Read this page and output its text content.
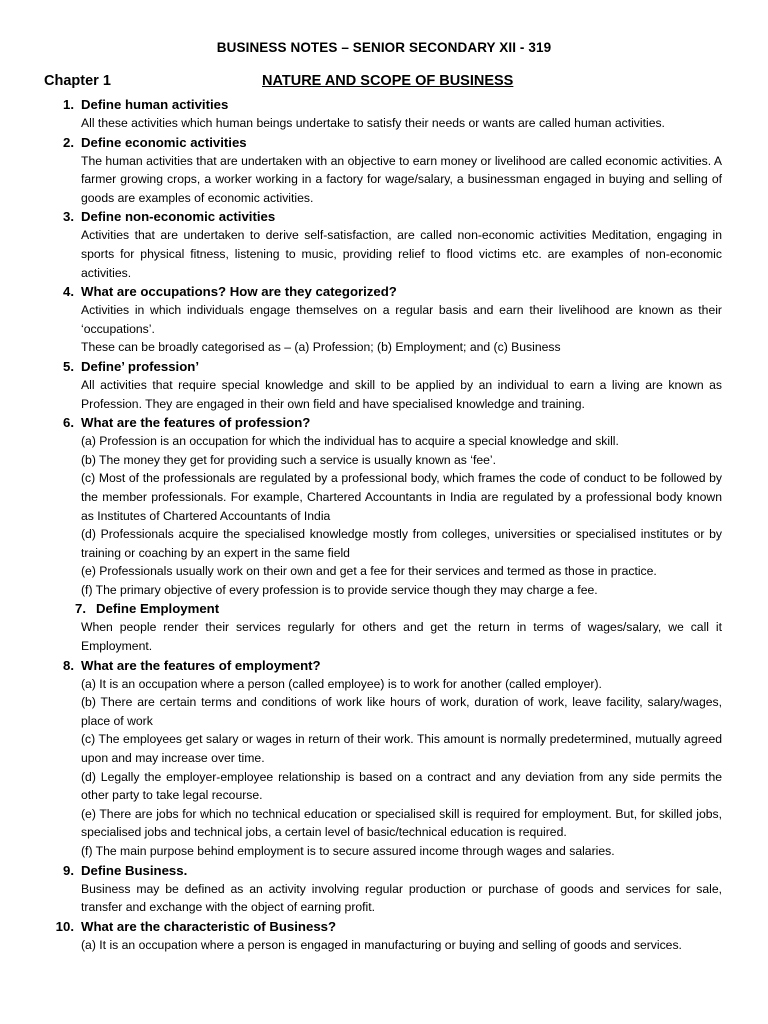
BUSINESS NOTES – SENIOR SECONDARY XII - 319
Chapter 1	NATURE AND SCOPE OF BUSINESS
1. Define human activities
All these activities which human beings undertake to satisfy their needs or wants are called human activities.
2. Define economic activities
The human activities that are undertaken with an objective to earn money or livelihood are called economic activities. A farmer growing crops, a worker working in a factory for wage/salary, a businessman engaged in buying and selling of goods are examples of economic activities.
3. Define non-economic activities
Activities that are undertaken to derive self-satisfaction, are called non-economic activities Meditation, engaging in sports for physical fitness, listening to music, providing relief to flood victims etc. are examples of non-economic activities.
4. What are occupations? How are they categorized?
Activities in which individuals engage themselves on a regular basis and earn their livelihood are known as their ‘occupations’.
These can be broadly categorised as – (a) Profession; (b) Employment; and (c) Business
5. Define’ profession’
All activities that require special knowledge and skill to be applied by an individual to earn a living are known as Profession. They are engaged in their own field and have specialised knowledge and training.
6. What are the features of profession?
(a) Profession is an occupation for which the individual has to acquire a special knowledge and skill.
(b) The money they get for providing such a service is usually known as ‘fee’.
(c) Most of the professionals are regulated by a professional body, which frames the code of conduct to be followed by the member professionals. For example, Chartered Accountants in India are regulated by a professional body known as Institutes of Chartered Accountants of India
(d) Professionals acquire the specialised knowledge mostly from colleges, universities or specialised institutes or by training or coaching by an expert in the same field
(e) Professionals usually work on their own and get a fee for their services and termed as those in practice.
(f) The primary objective of every profession is to provide service though they may charge a fee.
7. Define Employment
When people render their services regularly for others and get the return in terms of wages/salary, we call it Employment.
8. What are the features of employment?
(a) It is an occupation where a person (called employee) is to work for another (called employer).
(b) There are certain terms and conditions of work like hours of work, duration of work, leave facility, salary/wages, place of work
(c) The employees get salary or wages in return of their work. This amount is normally predetermined, mutually agreed upon and may increase over time.
(d) Legally the employer-employee relationship is based on a contract and any deviation from any side permits the other party to take legal recourse.
(e) There are jobs for which no technical education or specialised skill is required for employment. But, for skilled jobs, specialised jobs and technical jobs, a certain level of basic/technical education is required.
(f) The main purpose behind employment is to secure assured income through wages and salaries.
9. Define Business.
Business may be defined as an activity involving regular production or purchase of goods and services for sale, transfer and exchange with the object of earning profit.
10. What are the characteristic of Business?
(a) It is an occupation where a person is engaged in manufacturing or buying and selling of goods and services.
